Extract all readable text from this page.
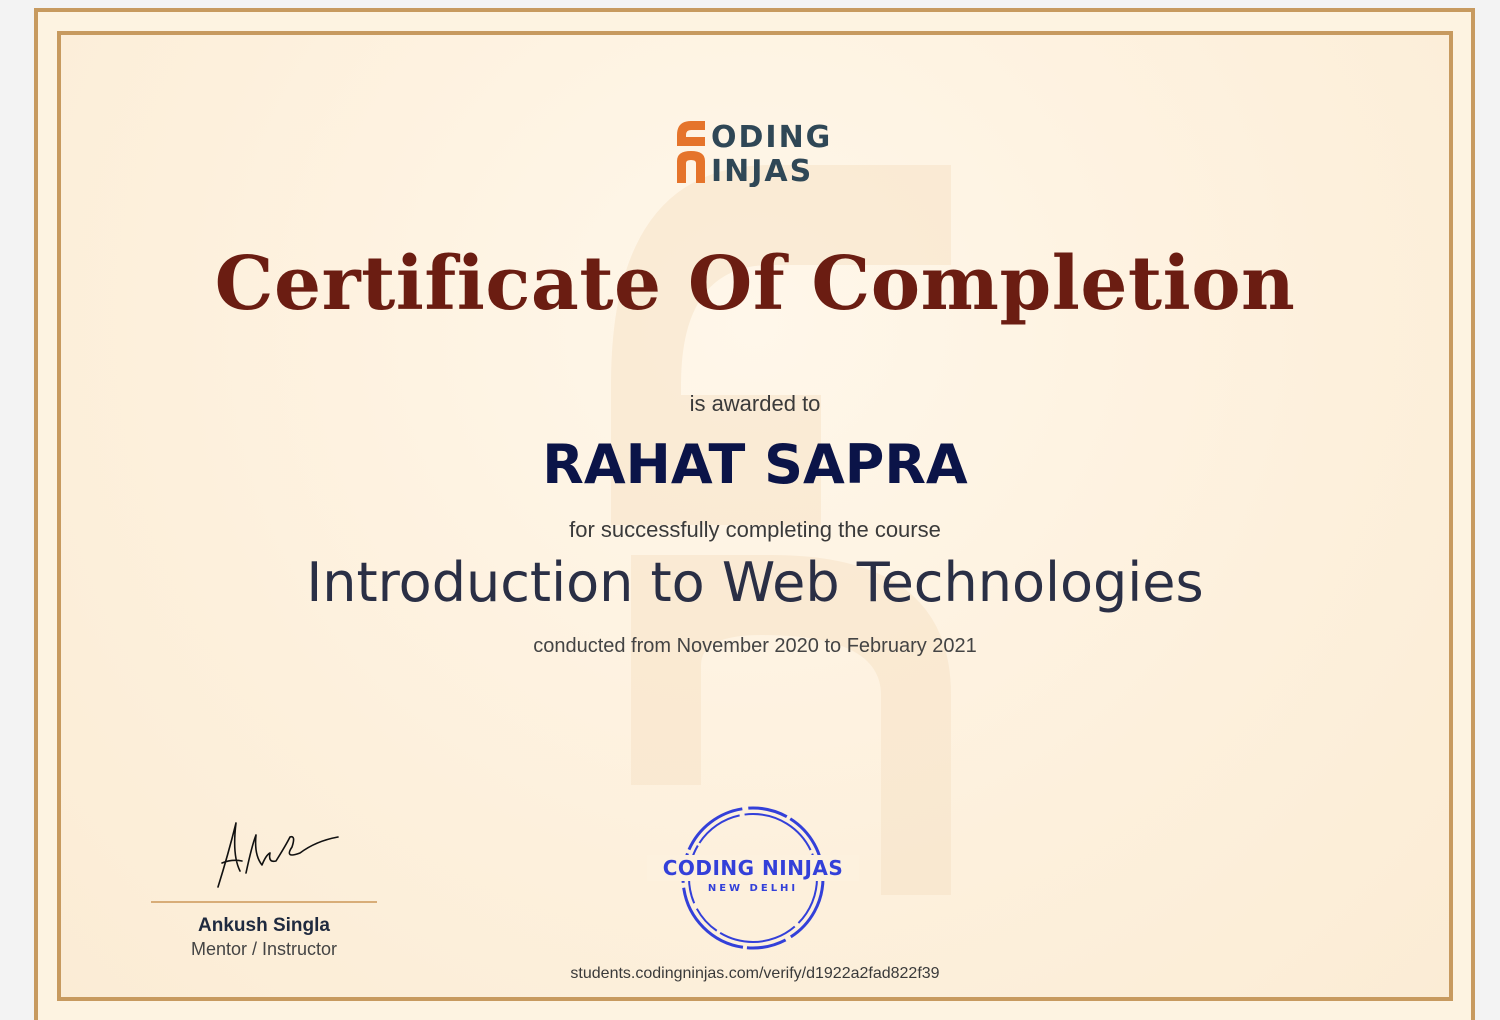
ODING
INJAS
Certificate Of Completion
is awarded to
RAHAT SAPRA
for successfully completing the course
Introduction to Web Technologies
conducted from November 2020 to February 2021
Ankush Singla
Mentor / Instructor
CODING NINJAS
NEW DELHI
students.codingninjas.com/verify/d1922a2fad822f39
